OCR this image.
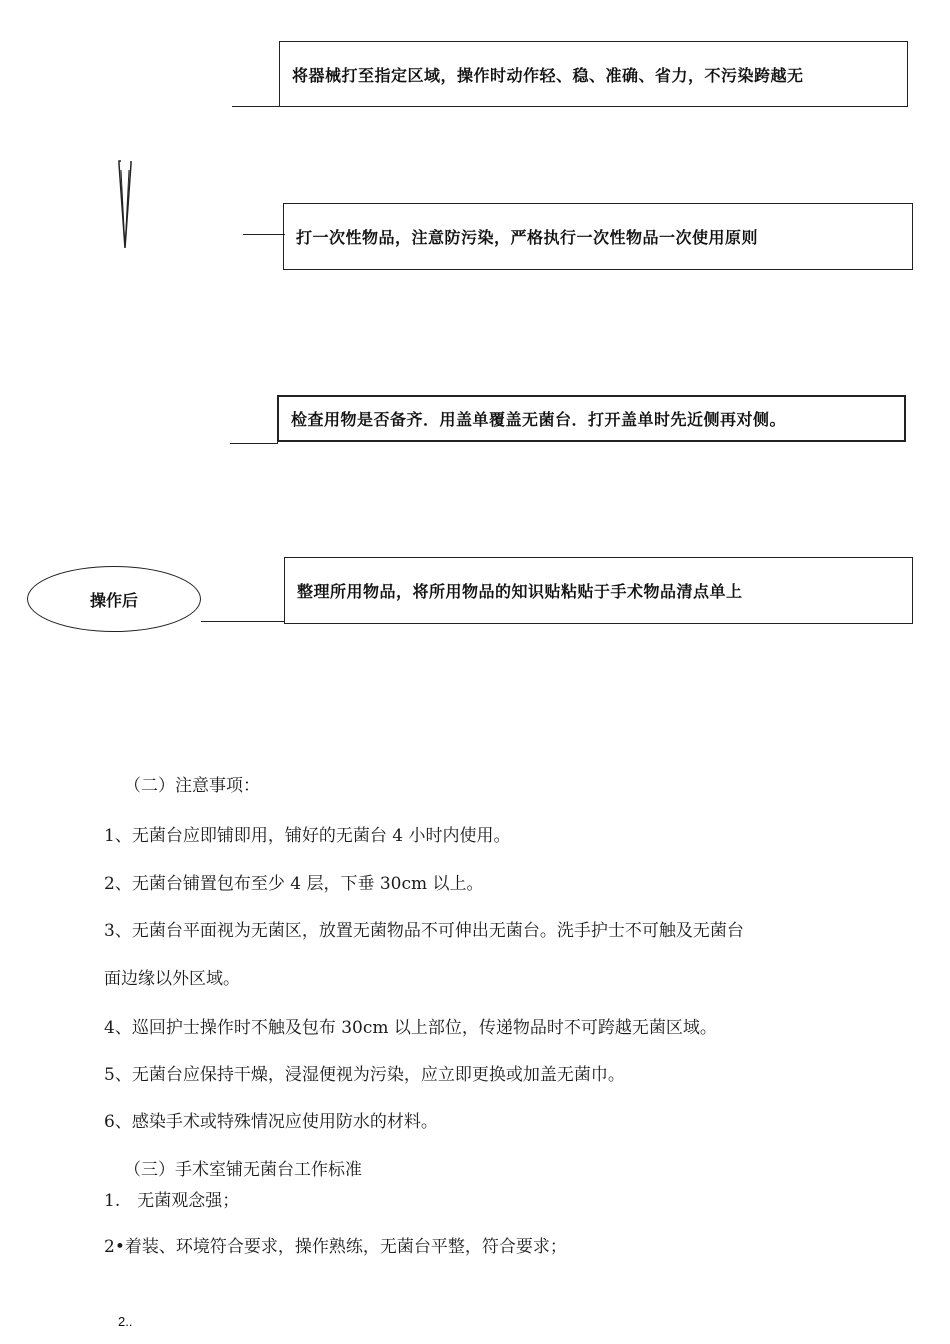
将器械打至指定区域，操作时动作轻、稳、准确、省力，不污染跨越无
打一次性物品，注意防污染，严格执行一次性物品一次使用原则
检查用物是否备齐．用盖单覆盖无菌台．打开盖单时先近侧再对侧。
操作后	整理所用物品，将所用物品的知识贴粘贴于手术物品清点单上
（二）注意事项：
1、无菌台应即铺即用，铺好的无菌台 4 小时内使用。
2、无菌台铺置包布至少 4 层，下垂 30cm 以上。
3、无菌台平面视为无菌区，放置无菌物品不可伸出无菌台。洗手护士不可触及无菌台
面边缘以外区域。
4、巡回护士操作时不触及包布 30cm 以上部位，传递物品时不可跨越无菌区域。
5、无菌台应保持干燥，浸湿便视为污染，应立即更换或加盖无菌巾。
6、感染手术或特殊情况应使用防水的材料。
（三）手术室铺无菌台工作标准
1.　无菌观念强；
2•着装、环境符合要求，操作熟练，无菌台平整，符合要求；
2..
